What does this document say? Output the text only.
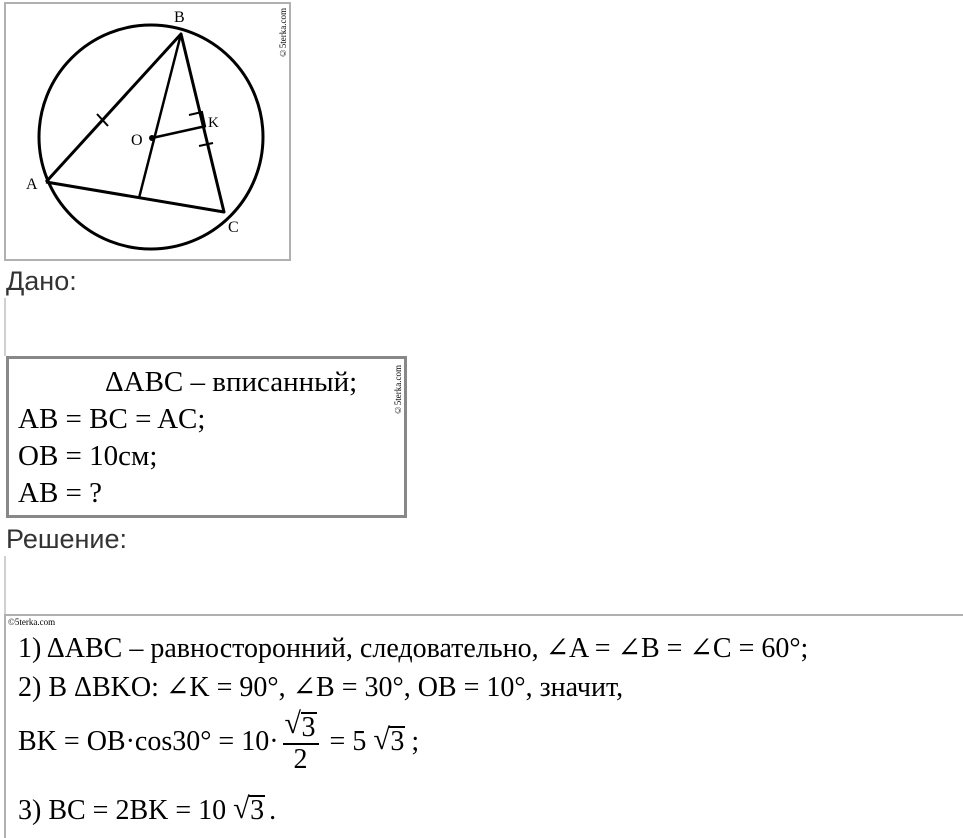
B
A
C
O
K
©5terka.com
Дано:
ΔABC – вписанный;
AB = BC = AC;
OB = 10см;
AB = ?
©5terka.com
Решение:
©5terka.com
1) ΔABC – равносторонний, следовательно, ∠A = ∠B = ∠C = 60°;
2) В ΔBKO: ∠K = 90°, ∠B = 30°, OB = 10°, значит,
BK = $OB\cdot\cos 30^\circ = 10\cdot \frac{√ 3}{2} = 5$ √ 3 ;
3) BC = 2BK = 10 √ 3 .
